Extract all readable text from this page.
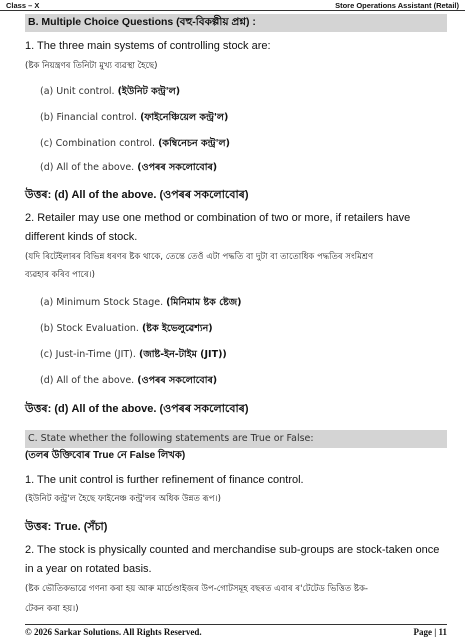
Class – X	Store Operations Assistant (Retail)
B. Multiple Choice Questions (বহু-বিকল্পীয় প্ৰশ্ন) :
1. The three main systems of controlling stock are:
(ষ্টক নিয়ন্ত্ৰণৰ তিনিটা মুখ্য ব্যৱস্থা হৈছে)
(a) Unit control. (ইউনিট কন্ট্ৰ'ল)
(b) Financial control. (ফাইনেঞ্চিয়েল কন্ট্ৰ'ল)
(c) Combination control. (কম্বিনেচন কন্ট্ৰ'ল)
(d) All of the above. (ওপৰৰ সকলোবোৰ)
উত্তৰ: (d) All of the above. (ওপৰৰ সকলোবোৰ)
2. Retailer may use one method or combination of two or more, if retailers have
different kinds of stock.
(যদি ৰিটেইলাৰৰ বিভিন্ন ধৰণৰ ষ্টক থাকে, তেন্তে তেওঁ এটা পদ্ধতি বা দুটা বা তাতোধিক পদ্ধতিৰ সংমিশ্ৰণ
ব্যৱহাৰ কৰিব পাৰে।)
(a) Minimum Stock Stage. (মিনিমাম ষ্টক ষ্টেজ)
(b) Stock Evaluation. (ষ্টক ইভেলুৱেশ্যন)
(c) Just-in-Time (JIT). (জাষ্ট-ইন-টাইম (JIT))
(d) All of the above. (ওপৰৰ সকলোবোৰ)
উত্তৰ: (d) All of the above. (ওপৰৰ সকলোবোৰ)
C. State whether the following statements are True or False:
(তলৰ উক্তিবোৰ True নে False লিখক)
1. The unit control is further refinement of finance control.
(ইউনিট কন্ট্ৰ'ল হৈছে ফাইনেঞ্চ কন্ট্ৰ'লৰ অধিক উন্নত ৰূপ।)
উত্তৰ: True. (সঁচা)
2. The stock is physically counted and merchandise sub-groups are stock-taken once
in a year on rotated basis.
(ষ্টক ভৌতিকভাৱে গণনা কৰা হয় আৰু মাৰ্চেণ্ডাইজৰ উপ-গোটসমূহ বছৰত এবাৰ ৰ'টেটেড ভিত্তিত ষ্টক-
টেকন কৰা হয়।)
© 2026 Sarkar Solutions. All Rights Reserved.	Page | 11
